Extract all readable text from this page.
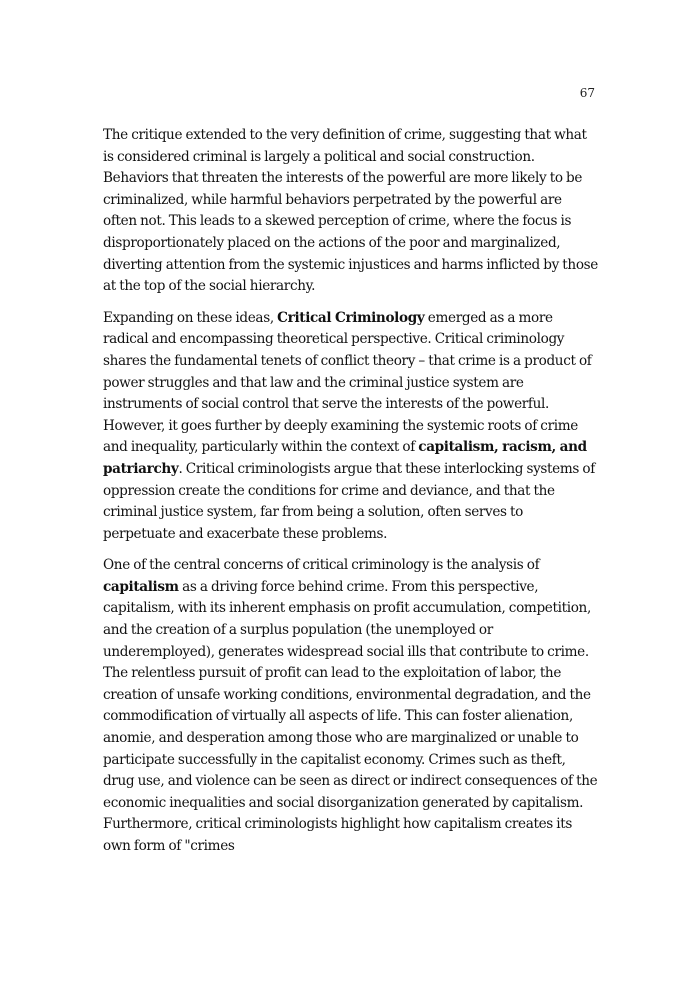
67

The critique extended to the very definition of crime, suggesting that what is considered criminal is largely a political and social construction. Behaviors that threaten the interests of the powerful are more likely to be criminalized, while harmful behaviors perpetrated by the powerful are often not. This leads to a skewed perception of crime, where the focus is disproportionately placed on the actions of the poor and marginalized, diverting attention from the systemic injustices and harms inflicted by those at the top of the social hierarchy.

Expanding on these ideas, Critical Criminology emerged as a more radical and encompassing theoretical perspective. Critical criminology shares the fundamental tenets of conflict theory – that crime is a product of power struggles and that law and the criminal justice system are instruments of social control that serve the interests of the powerful. However, it goes further by deeply examining the systemic roots of crime and inequality, particularly within the context of capitalism, racism, and patriarchy. Critical criminologists argue that these interlocking systems of oppression create the conditions for crime and deviance, and that the criminal justice system, far from being a solution, often serves to perpetuate and exacerbate these problems.

One of the central concerns of critical criminology is the analysis of capitalism as a driving force behind crime. From this perspective, capitalism, with its inherent emphasis on profit accumulation, competition, and the creation of a surplus population (the unemployed or underemployed), generates widespread social ills that contribute to crime. The relentless pursuit of profit can lead to the exploitation of labor, the creation of unsafe working conditions, environmental degradation, and the commodification of virtually all aspects of life. This can foster alienation, anomie, and desperation among those who are marginalized or unable to participate successfully in the capitalist economy. Crimes such as theft, drug use, and violence can be seen as direct or indirect consequences of the economic inequalities and social disorganization generated by capitalism. Furthermore, critical criminologists highlight how capitalism creates its own form of "crimes
